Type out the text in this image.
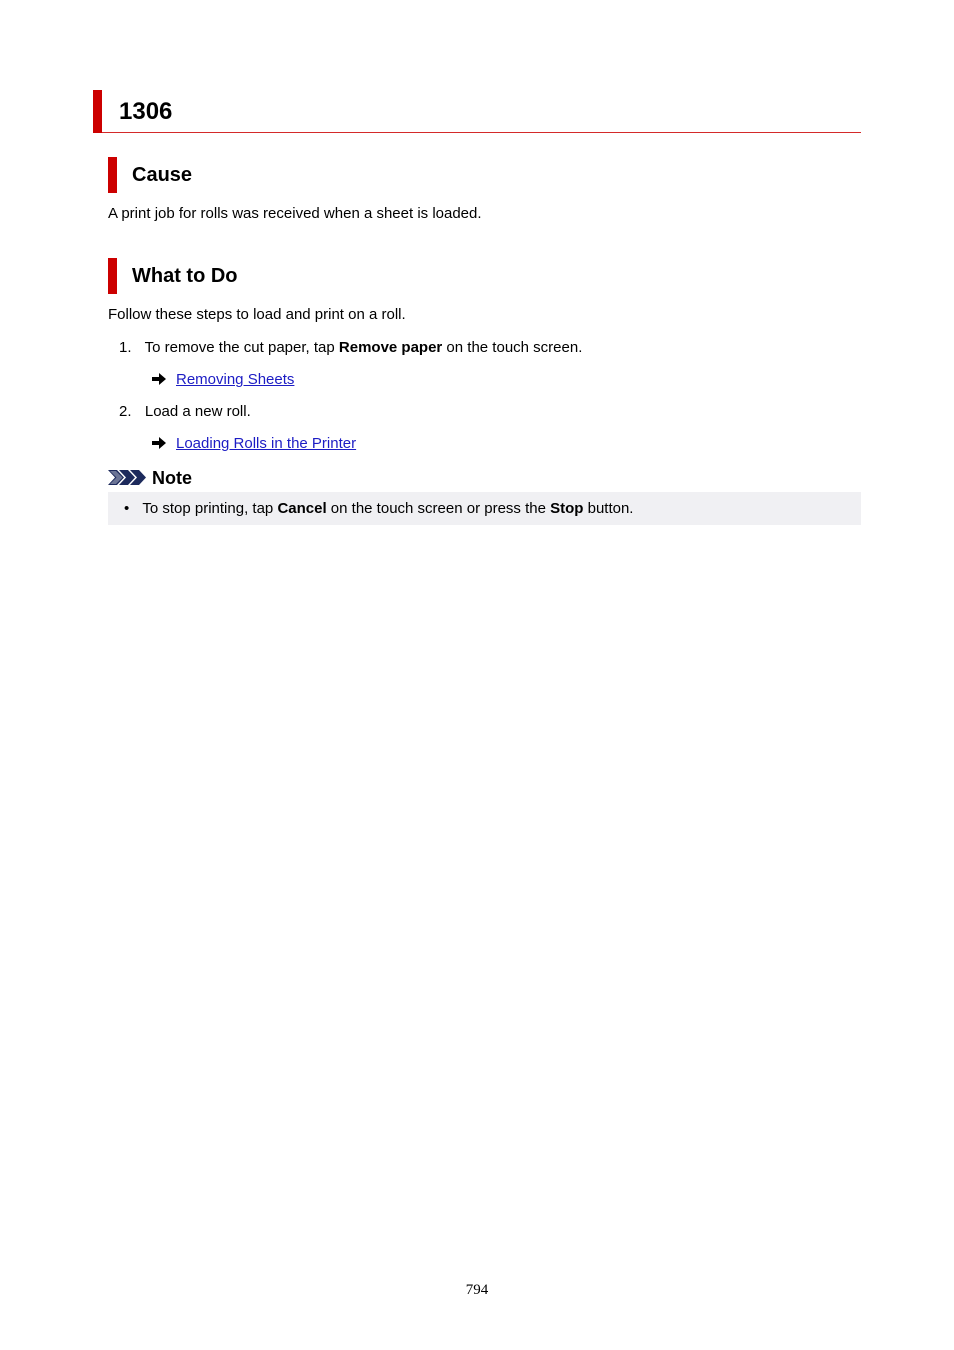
1306
Cause
A print job for rolls was received when a sheet is loaded.
What to Do
Follow these steps to load and print on a roll.
1. To remove the cut paper, tap Remove paper on the touch screen.
Removing Sheets
2. Load a new roll.
Loading Rolls in the Printer
Note
• To stop printing, tap Cancel on the touch screen or press the Stop button.
794
